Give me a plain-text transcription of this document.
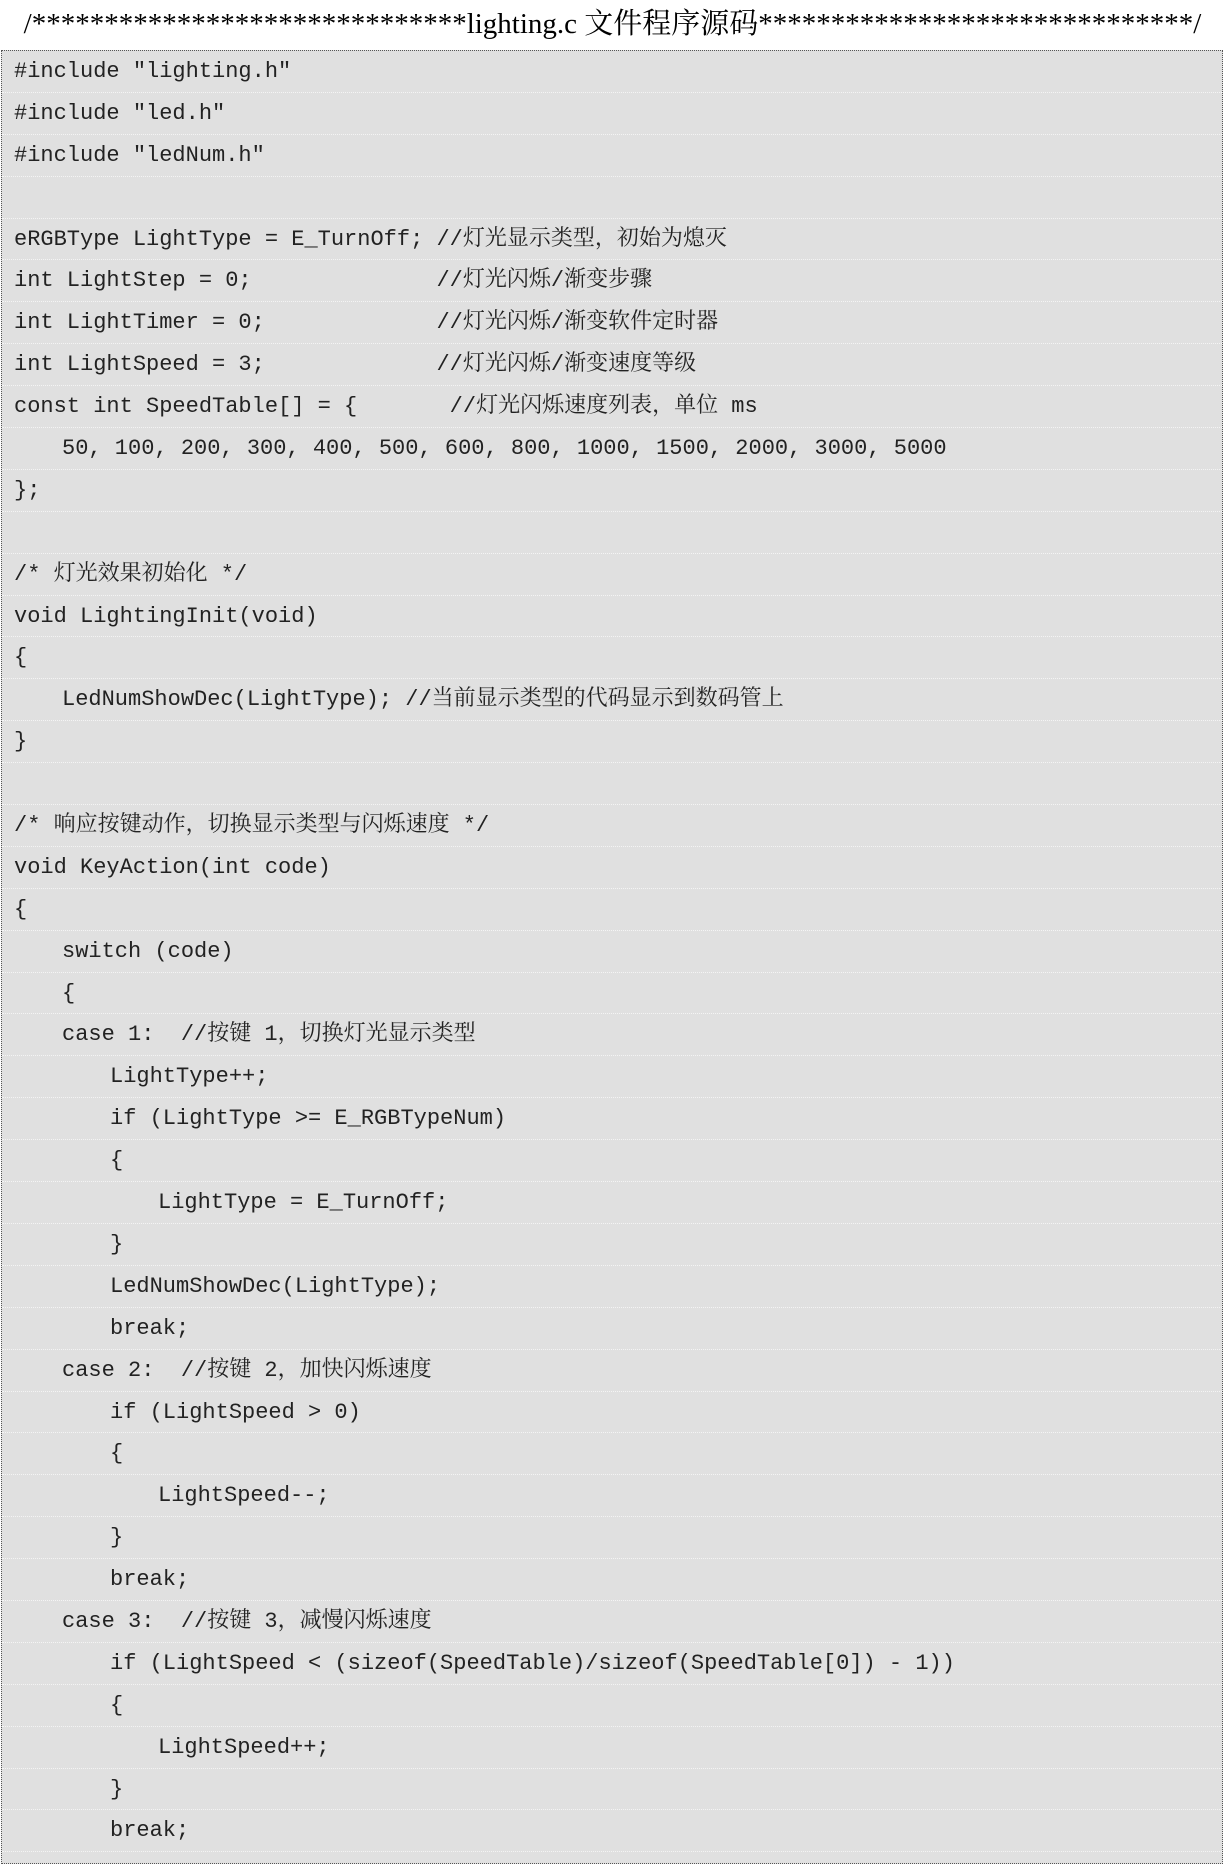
/******************************lighting.c 文件程序源码******************************/
#include "lighting.h"
#include "led.h"
#include "ledNum.h"
eRGBType LightType = E_TurnOff; //灯光显示类型，初始为熄灭
int LightStep = 0;              //灯光闪烁/渐变步骤
int LightTimer = 0;             //灯光闪烁/渐变软件定时器
int LightSpeed = 3;             //灯光闪烁/渐变速度等级
const int SpeedTable[] = {       //灯光闪烁速度列表，单位 ms
50, 100, 200, 300, 400, 500, 600, 800, 1000, 1500, 2000, 3000, 5000
};
/* 灯光效果初始化 */
void LightingInit(void)
{
LedNumShowDec(LightType); //当前显示类型的代码显示到数码管上
}
/* 响应按键动作，切换显示类型与闪烁速度 */
void KeyAction(int code)
{
switch (code)
{
case 1:  //按键 1，切换灯光显示类型
LightType++;
if (LightType >= E_RGBTypeNum)
{
LightType = E_TurnOff;
}
LedNumShowDec(LightType);
break;
case 2:  //按键 2，加快闪烁速度
if (LightSpeed > 0)
{
LightSpeed--;
}
break;
case 3:  //按键 3，减慢闪烁速度
if (LightSpeed < (sizeof(SpeedTable)/sizeof(SpeedTable[0]) - 1))
{
LightSpeed++;
}
break;
